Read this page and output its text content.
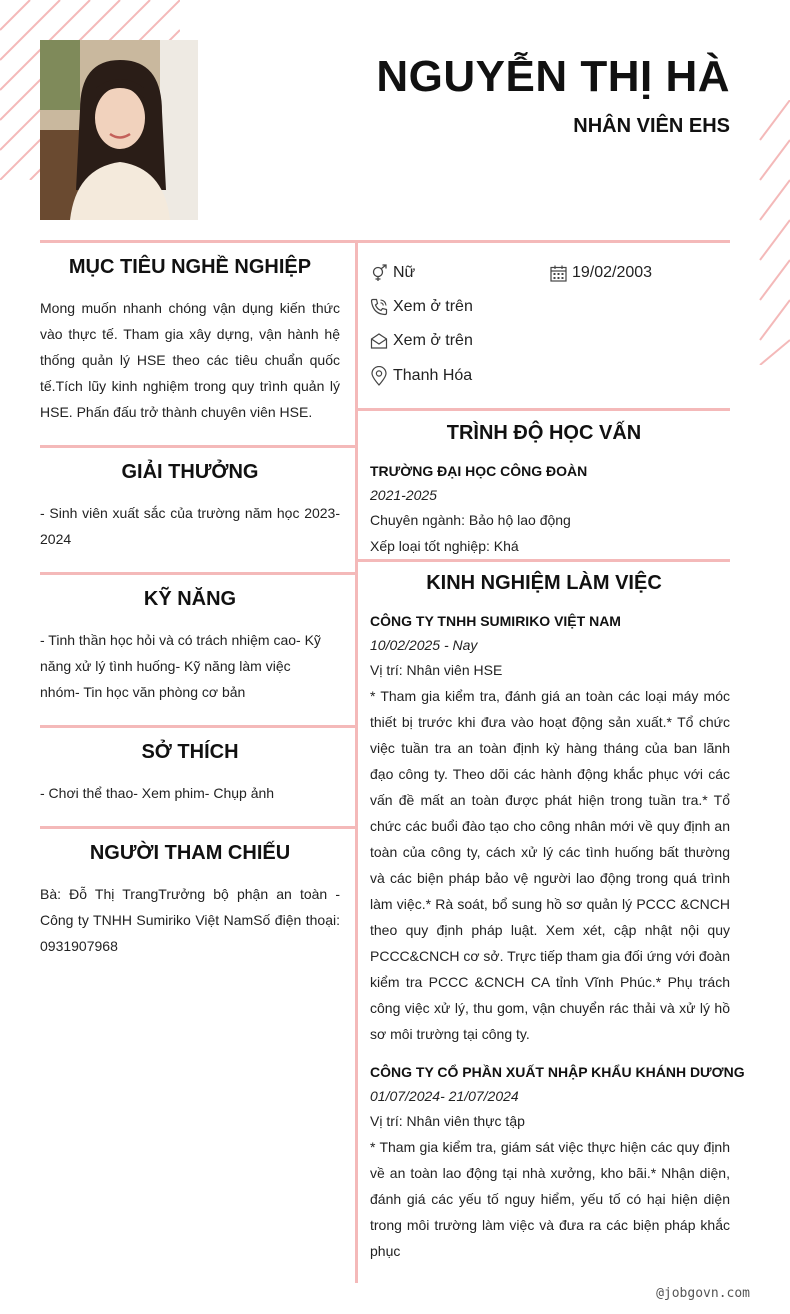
NGUYỄN THỊ HÀ
NHÂN VIÊN EHS
MỤC TIÊU NGHỀ NGHIỆP
Mong muốn nhanh chóng vận dụng kiến thức vào thực tế. Tham gia xây dựng, vận hành hệ thống quản lý HSE theo các tiêu chuẩn quốc tế.Tích lũy kinh nghiệm trong quy trình quản lý HSE. Phấn đấu trở thành chuyên viên HSE.
GIẢI THƯỞNG
- Sinh viên xuất sắc của trường năm học 2023-2024
KỸ NĂNG
- Tinh thần học hỏi và có trách nhiệm cao- Kỹ năng xử lý tình huống- Kỹ năng làm việc nhóm- Tin học văn phòng cơ bản
SỞ THÍCH
- Chơi thể thao- Xem phim- Chụp ảnh
NGƯỜI THAM CHIẾU
Bà: Đỗ Thị TrangTrưởng bộ phận an toàn - Công ty TNHH Sumiriko Việt NamSố điện thoại: 0931907968
Nữ	19/02/2003
Xem ở trên
Xem ở trên
Thanh Hóa
TRÌNH ĐỘ HỌC VẤN
TRƯỜNG ĐẠI HỌC CÔNG ĐOÀN
2021-2025
Chuyên ngành: Bảo hộ lao động
Xếp loại tốt nghiệp: Khá
KINH NGHIỆM LÀM VIỆC
CÔNG TY TNHH SUMIRIKO VIỆT NAM
10/02/2025 - Nay
Vị trí: Nhân viên HSE
* Tham gia kiểm tra, đánh giá an toàn các loại máy móc thiết bị trước khi đưa vào hoạt động sản xuất.* Tổ chức việc tuần tra an toàn định kỳ hàng tháng của ban lãnh đạo công ty. Theo dõi các hành động khắc phục với các vấn đề mất an toàn được phát hiện trong tuần tra.* Tổ chức các buổi đào tạo cho công nhân mới về quy định an toàn của công ty, cách xử lý các tình huống bất thường và các biện pháp bảo vệ người lao động trong quá trình làm việc.* Rà soát, bổ sung hồ sơ quản lý PCCC &CNCH theo quy định pháp luật. Xem xét, cập nhật nội quy PCCC&CNCH cơ sở. Trực tiếp tham gia đối ứng với đoàn kiểm tra PCCC &CNCH CA tỉnh Vĩnh Phúc.* Phụ trách công việc xử lý, thu gom, vận chuyển rác thải và xử lý hồ sơ môi trường tại công ty.
CÔNG TY CỔ PHẦN XUẤT NHẬP KHẨU KHÁNH DƯƠNG
01/07/2024- 21/07/2024
Vị trí: Nhân viên thực tập
* Tham gia kiểm tra, giám sát việc thực hiện các quy định về an toàn lao động tại nhà xưởng, kho bãi.* Nhận diện, đánh giá các yếu tố nguy hiểm, yếu tố có hại hiện diện trong môi trường làm việc và đưa ra các biện pháp khắc phục
@jobgovn.com
